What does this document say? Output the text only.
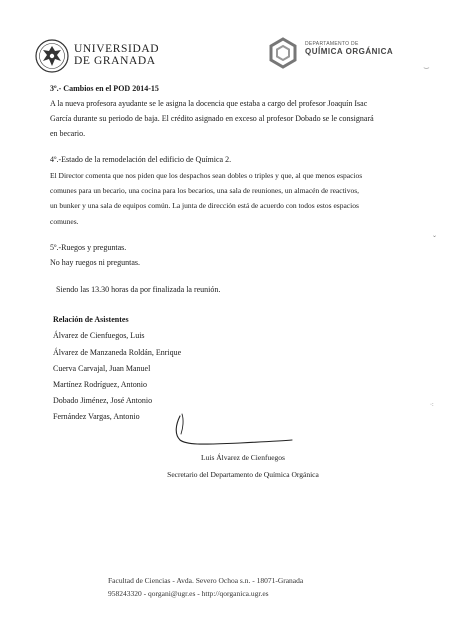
UNIVERSIDAD
DE GRANADA
DEPARTAMENTO DE
QUÍMICA ORGÁNICA
3º.- Cambios en el POD 2014-15
A la nueva profesora ayudante se le asigna la docencia que estaba a cargo del profesor Joaquín Isac
García durante su periodo de baja. El crédito asignado en exceso al profesor Dobado se le consignará
en becario.
4º.-Estado de la remodelación del edificio de Química 2.
El Director comenta que nos piden que los despachos sean dobles o triples y que, al que menos espacios
comunes para un becario, una cocina para los becarios, una sala de reuniones, un almacén de reactivos,
un bunker y una sala de equipos común. La junta de dirección está de acuerdo con todos estos espacios
comunes.
5º.-Ruegos y preguntas.
No hay ruegos ni preguntas.
Siendo las 13.30 horas da por finalizada la reunión.
Relación de Asistentes
Álvarez de Cienfuegos, Luis
Álvarez de Manzaneda Roldán, Enrique
Cuerva Carvajal, Juan Manuel
Martínez Rodríguez, Antonio
Dobado Jiménez, José Antonio
Fernández Vargas, Antonio
Luis Álvarez de Cienfuegos
Secretario del Departamento de Química Orgánica
Facultad de Ciencias - Avda. Severo Ochoa s.n. - 18071-Granada
958243320 - qorgani@ugr.es - http://qorganica.ugr.es
‿
⌄
·:
